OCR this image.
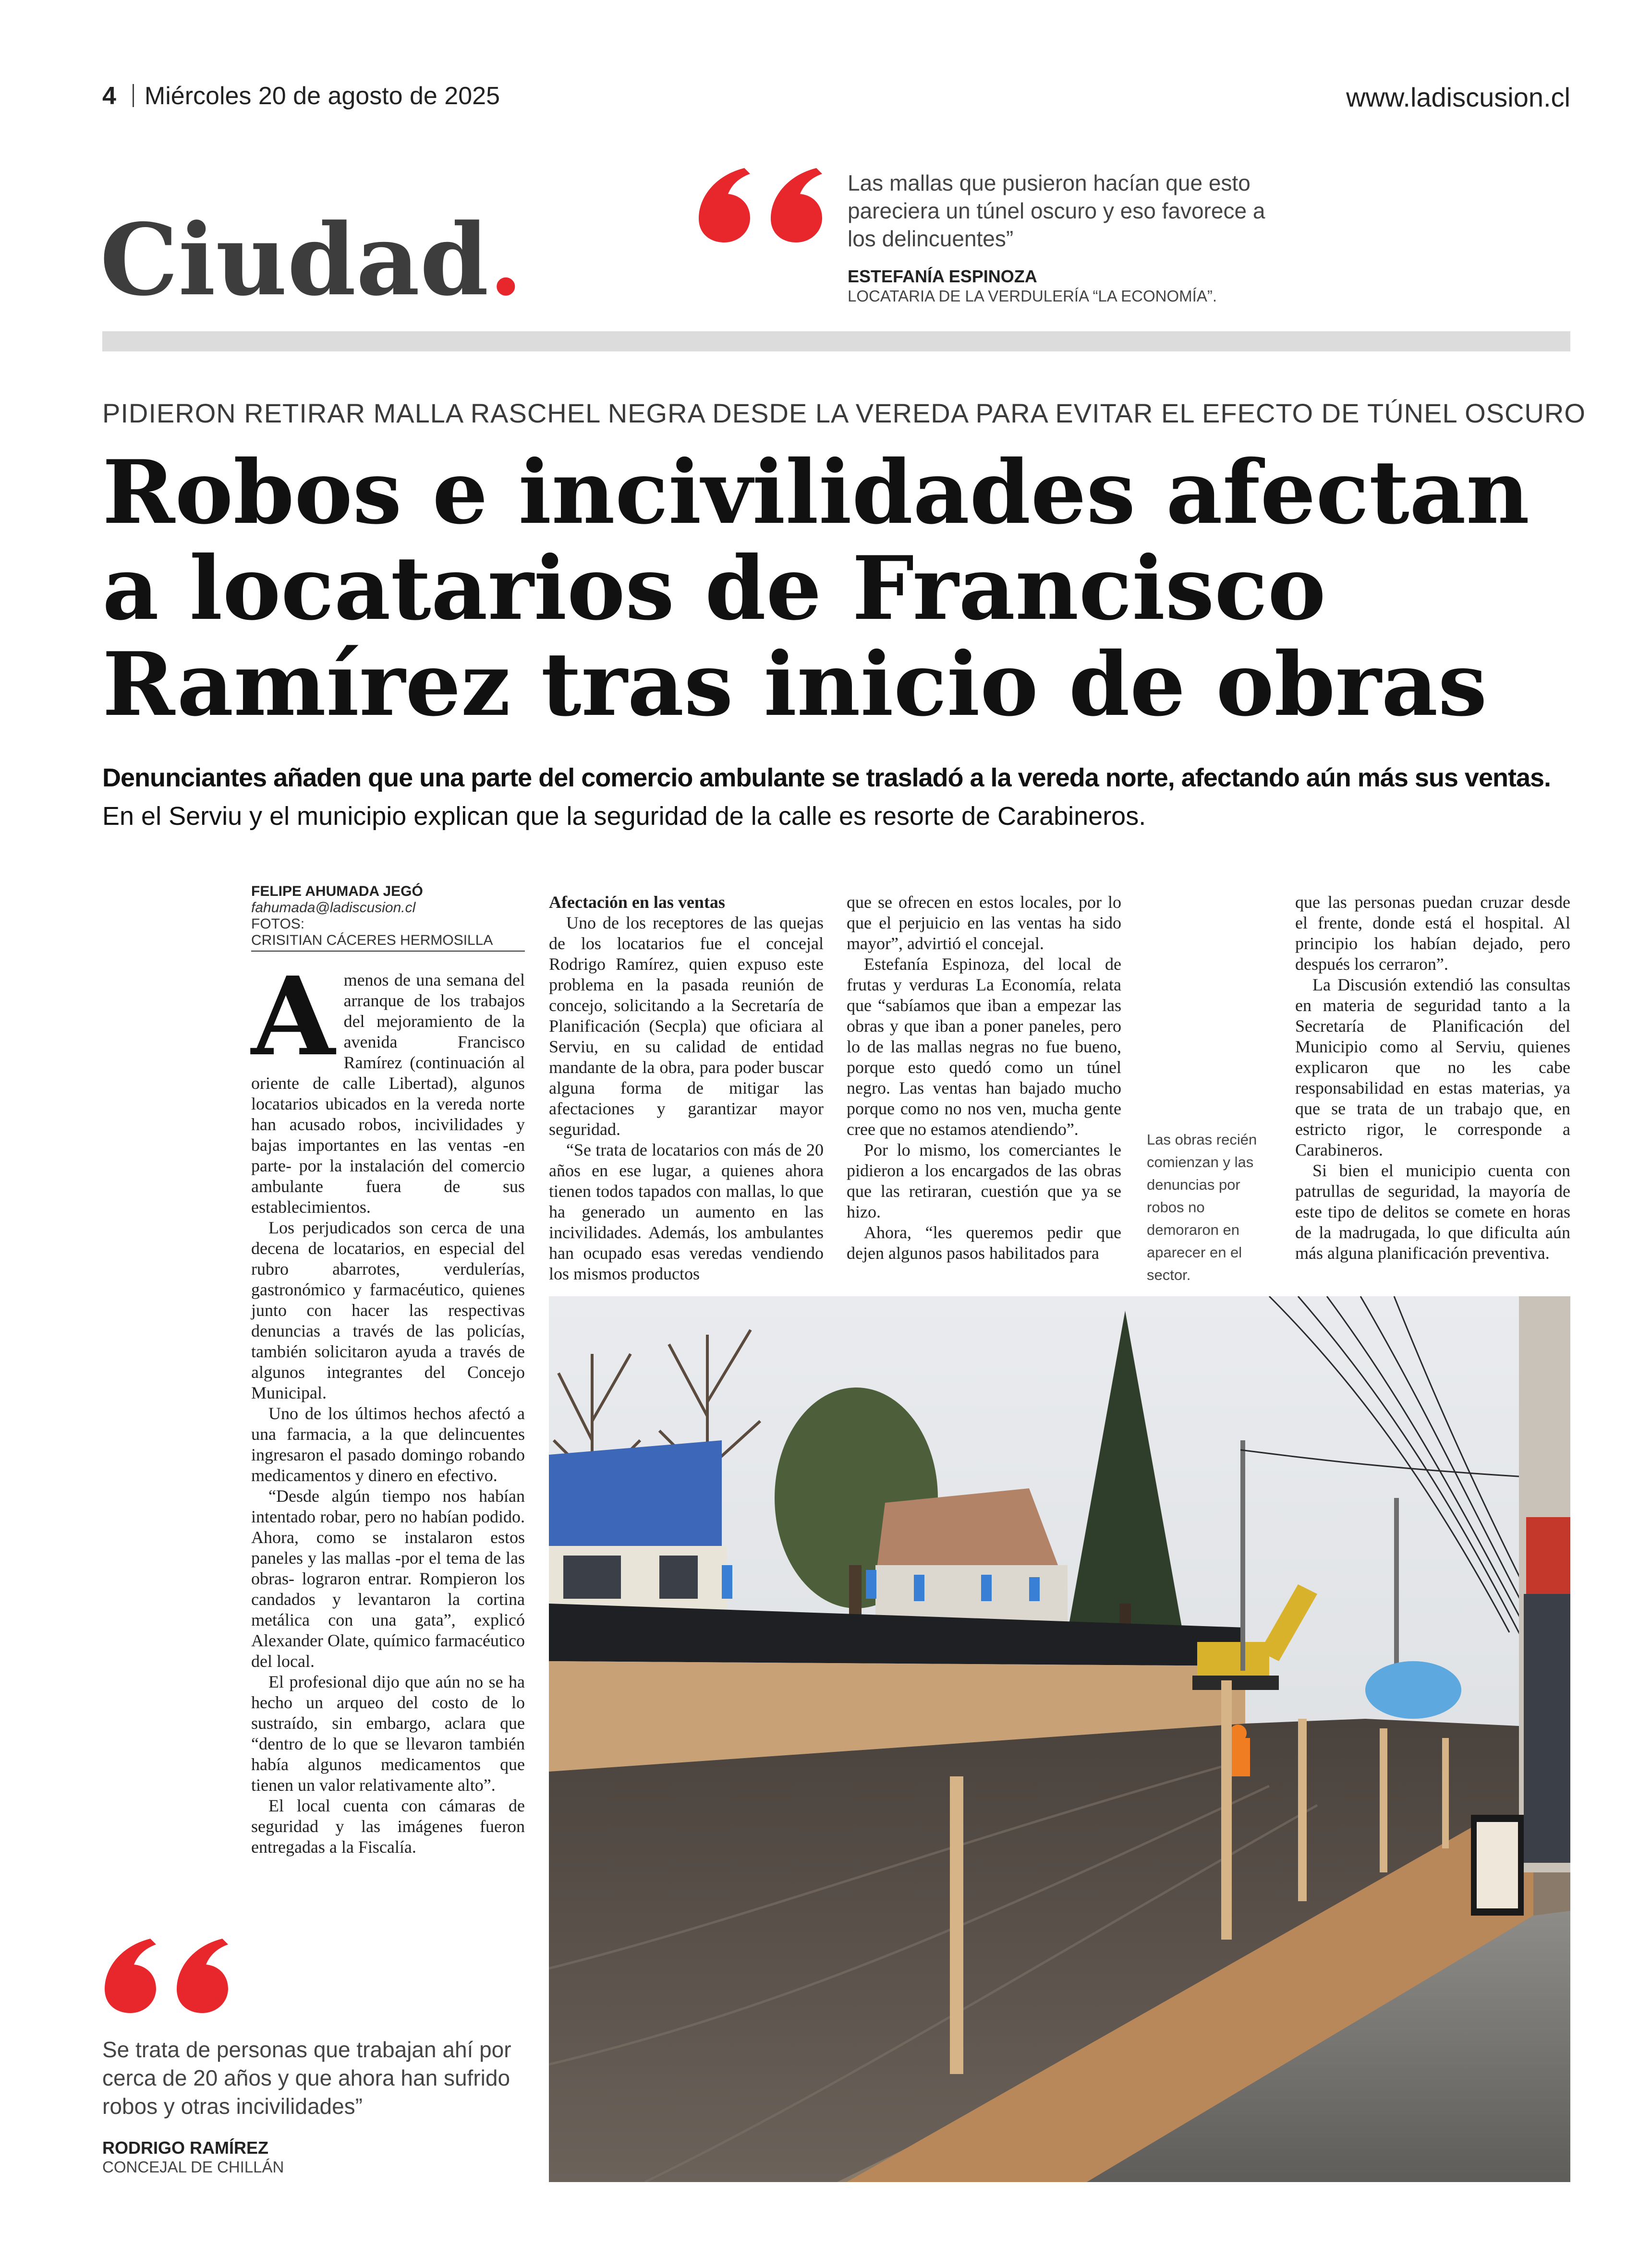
4 Miércoles 20 de agosto de 2025	www.ladiscusion.cl
Ciudad.
Las mallas que pusieron hacían que esto pareciera un túnel oscuro y eso favorece a los delincuentes”
ESTEFANÍA ESPINOZA
LOCATARIA DE LA VERDULERÍA “LA ECONOMÍA”.
PIDIERON RETIRAR MALLA RASCHEL NEGRA DESDE LA VEREDA PARA EVITAR EL EFECTO DE TÚNEL OSCURO
Robos e incivilidades afectan
a locatarios de Francisco
Ramírez tras inicio de obras
Denunciantes añaden que una parte del comercio ambulante se trasladó a la vereda norte, afectando aún más sus ventas. En el Serviu y el municipio explican que la seguridad de la calle es resorte de Carabineros.
FELIPE AHUMADA JEGÓ
fahumada@ladiscusion.cl
FOTOS:
CRISITIAN CÁCERES HERMOSILLA
A menos de una semana del arranque de los trabajos del mejoramiento de la avenida Francisco Ramírez (continuación al oriente de calle Libertad), algunos locatarios ubicados en la vereda norte han acusado robos, incivilidades y bajas importantes en las ventas -en parte- por la instalación del comercio ambulante fuera de sus establecimientos.

Los perjudicados son cerca de una decena de locatarios, en especial del rubro abarrotes, verdulerías, gastronómico y farmacéutico, quienes junto con hacer las respectivas denuncias a través de las policías, también solicitaron ayuda a través de algunos integrantes del Concejo Municipal.

Uno de los últimos hechos afectó a una farmacia, a la que delincuentes ingresaron el pasado domingo robando medicamentos y dinero en efectivo.

“Desde algún tiempo nos habían intentado robar, pero no habían podido. Ahora, como se instalaron estos paneles y las mallas -por el tema de las obras- lograron entrar. Rompieron los candados y levantaron la cortina metálica con una gata”, explicó Alexander Olate, químico farmacéutico del local.

El profesional dijo que aún no se ha hecho un arqueo del costo de lo sustraído, sin embargo, aclara que “dentro de lo que se llevaron también había algunos medicamentos que tienen un valor relativamente alto”.

El local cuenta con cámaras de seguridad y las imágenes fueron entregadas a la Fiscalía.

Afectación en las ventas

Uno de los receptores de las quejas de los locatarios fue el concejal Rodrigo Ramírez, quien expuso este problema en la pasada reunión de concejo, solicitando a la Secretaría de Planificación (Secpla) que oficiara al Serviu, en su calidad de entidad mandante de la obra, para poder buscar alguna forma de mitigar las afectaciones y garantizar mayor seguridad.

“Se trata de locatarios con más de 20 años en ese lugar, a quienes ahora tienen todos tapados con mallas, lo que ha generado un aumento en las incivilidades. Además, los ambulantes han ocupado esas veredas vendiendo los mismos productos

que se ofrecen en estos locales, por lo que el perjuicio en las ventas ha sido mayor”, advirtió el concejal.

Estefanía Espinoza, del local de frutas y verduras La Economía, relata que “sabíamos que iban a empezar las obras y que iban a poner paneles, pero lo de las mallas negras no fue bueno, porque esto quedó como un túnel negro. Las ventas han bajado mucho porque como no nos ven, mucha gente cree que no estamos atendiendo”.

Por lo mismo, los comerciantes le pidieron a los encargados de las obras que las retiraran, cuestión que ya se hizo.

Ahora, “les queremos pedir que dejen algunos pasos habilitados para

Las obras recién comienzan y las denuncias por robos no demoraron en aparecer en el sector.

que las personas puedan cruzar desde el frente, donde está el hospital. Al principio los habían dejado, pero después los cerraron”.

La Discusión extendió las consultas en materia de seguridad tanto a la Secretaría de Planificación del Municipio como al Serviu, quienes explicaron que no les cabe responsabilidad en estas materias, ya que se trata de un trabajo que, en estricto rigor, le corresponde a Carabineros.

Si bien el municipio cuenta con patrullas de seguridad, la mayoría de este tipo de delitos se comete en horas de la madrugada, lo que dificulta aún más alguna planificación preventiva.

Se trata de personas que trabajan ahí por cerca de 20 años y que ahora han sufrido robos y otras incivilidades”
RODRIGO RAMÍREZ
CONCEJAL DE CHILLÁN
